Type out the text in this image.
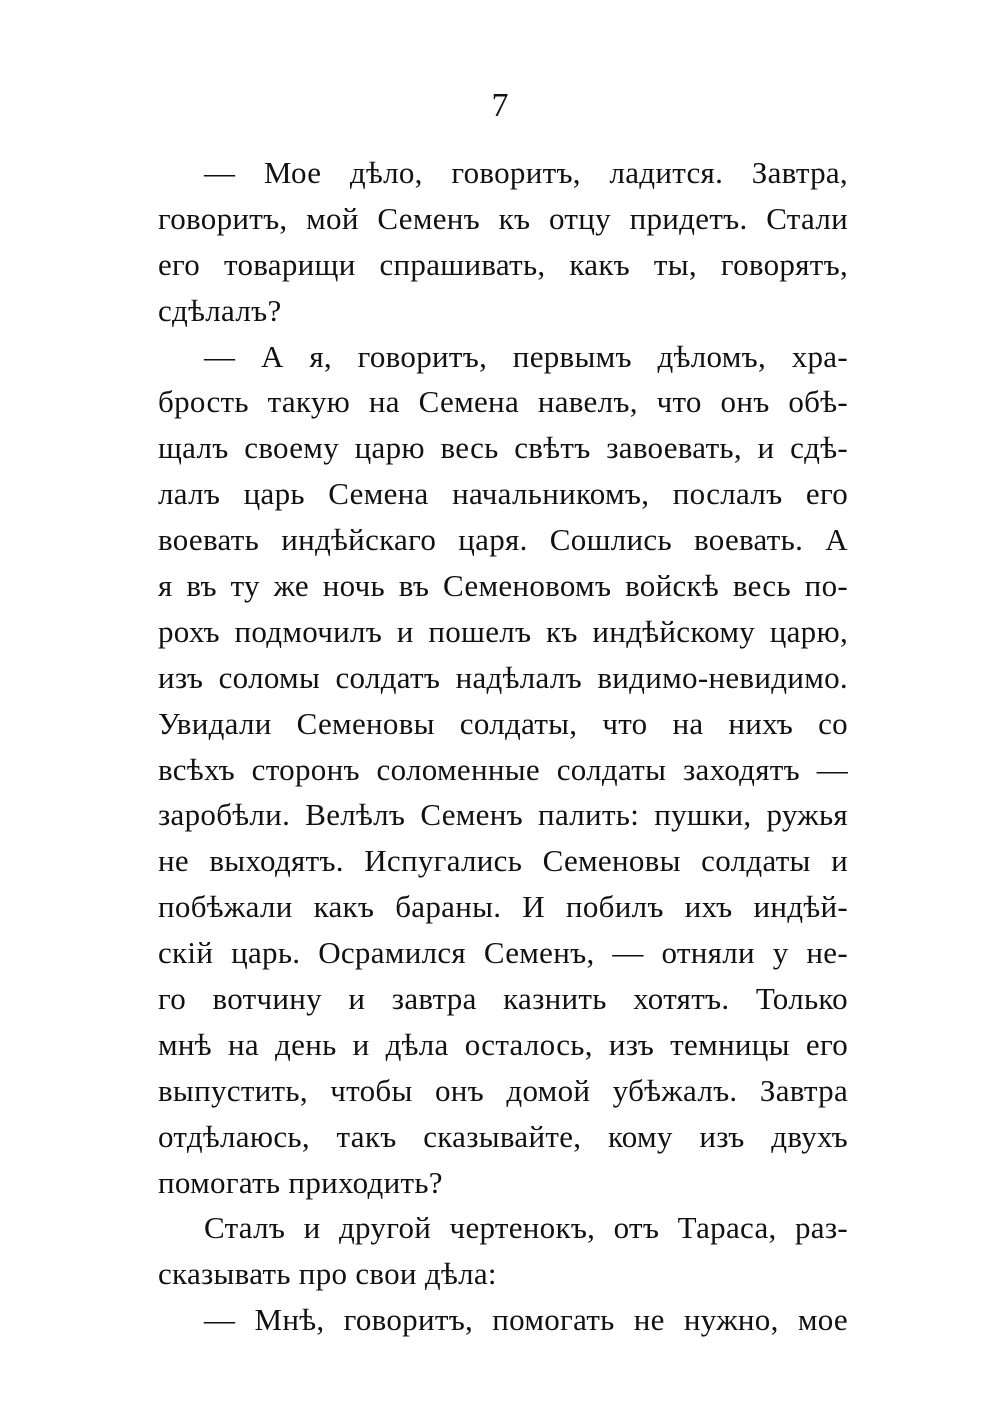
7
— Мое дѣло, говоритъ, ладится. Завтра,
говоритъ, мой Семенъ къ отцу придетъ. Стали
его товарищи спрашивать, какъ ты, говорятъ,
сдѣлалъ?
— А я, говоритъ, первымъ дѣломъ, хра-
брость такую на Семена навелъ, что онъ обѣ-
щалъ своему царю весь свѣтъ завоевать, и сдѣ-
лалъ царь Семена начальникомъ, послалъ его
воевать индѣйскаго царя. Сошлись воевать. А
я въ ту же ночь въ Семеновомъ войскѣ весь по-
рохъ подмочилъ и пошелъ къ индѣйскому царю,
изъ соломы солдатъ надѣлалъ видимо-невидимо.
Увидали Семеновы солдаты, что на нихъ со
всѣхъ сторонъ соломенные солдаты заходятъ —
заробѣли. Велѣлъ Семенъ палить: пушки, ружья
не выходятъ. Испугались Семеновы солдаты и
побѣжали какъ бараны. И побилъ ихъ индѣй-
скій царь. Осрамился Семенъ, — отняли у не-
го вотчину и завтра казнить хотятъ. Только
мнѣ на день и дѣла осталось, изъ темницы его
выпустить, чтобы онъ домой убѣжалъ. Завтра
отдѣлаюсь, такъ сказывайте, кому изъ двухъ
помогать приходить?
Сталъ и другой чертенокъ, отъ Тараса, раз-
сказывать про свои дѣла:
— Мнѣ, говоритъ, помогать не нужно, мое
